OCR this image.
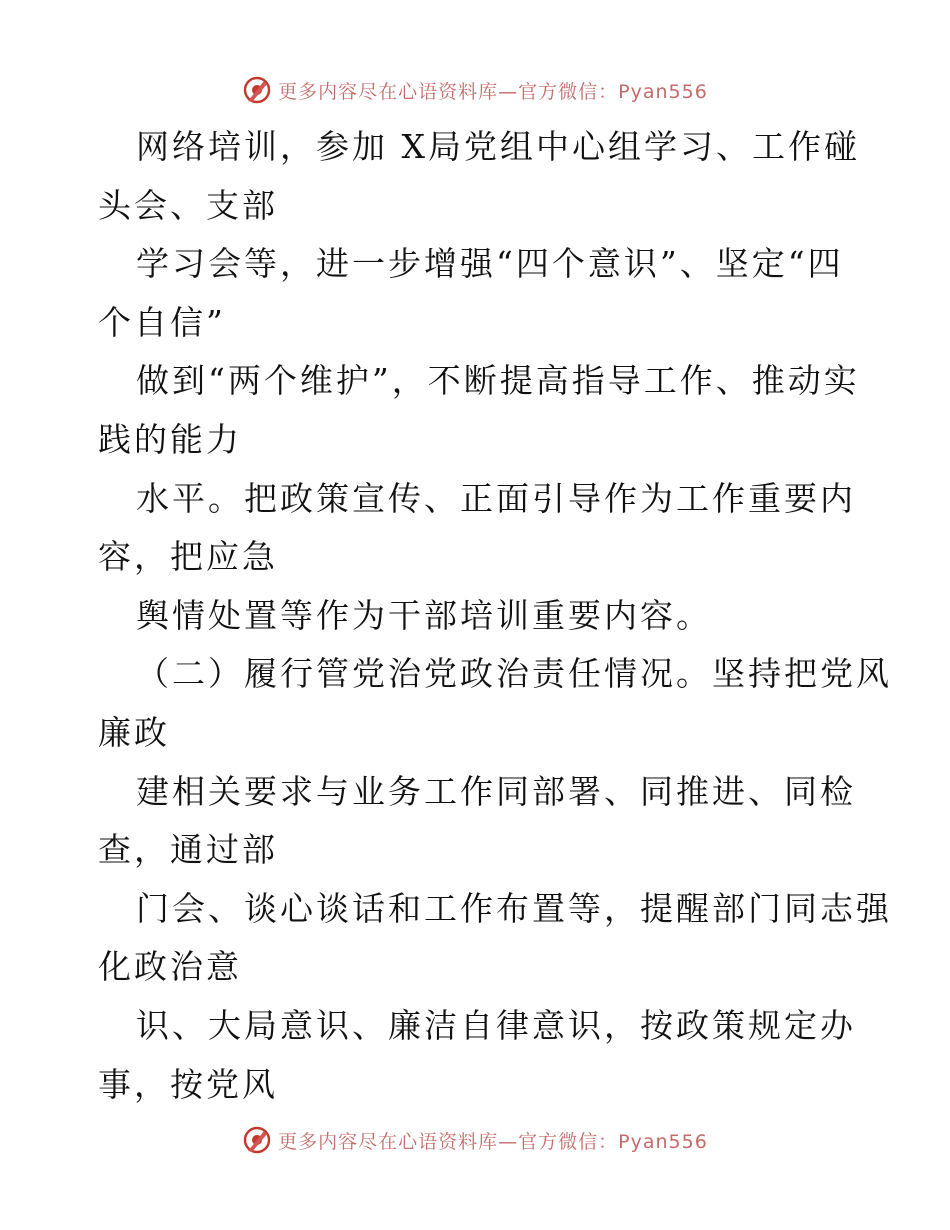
更多内容尽在心语资料库—官方微信：Pyan556
网络培训，参加 X局党组中心组学习、工作碰
头会、支部
学习会等，进一步增强“四个意识”、坚定“四
个自信”
做到“两个维护”，不断提高指导工作、推动实
践的能力
水平。把政策宣传、正面引导作为工作重要内
容，把应急
舆情处置等作为干部培训重要内容。
（二）履行管党治党政治责任情况。坚持把党风
廉政
建相关要求与业务工作同部署、同推进、同检
查，通过部
门会、谈心谈话和工作布置等，提醒部门同志强
化政治意
识、大局意识、廉洁自律意识，按政策规定办
事，按党风
更多内容尽在心语资料库—官方微信：Pyan556
